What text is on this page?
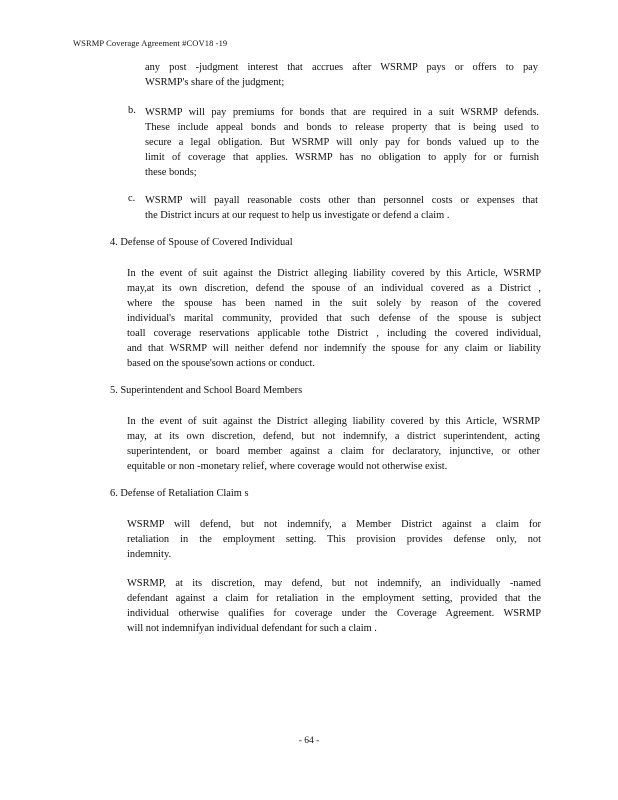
WSRMP Coverage Agreement #COV18 -19
any post -judgment interest that accrues after WSRMP pays or offers to pay
WSRMP's share of the judgment;
b. WSRMP will pay premiums for bonds that are required in a suit WSRMP defends.
These include appeal bonds and bonds to release property that is being used to
secure a legal obligation. But WSRMP will only pay for bonds valued up to the
limit of coverage that applies. WSRMP has no obligation to apply for or furnish
these bonds;
c. WSRMP will payall reasonable costs other than personnel costs or expenses that
the District incurs at our request to help us investigate or defend a claim .
4. Defense of Spouse of Covered Individual
In the event of suit against the District alleging liability covered by this Article, WSRMP
may,at its own discretion, defend the spouse of an individual covered as a District ,
where the spouse has been named in the suit solely by reason of the covered
individual's marital community, provided that such defense of the spouse is subject
toall coverage reservations applicable tothe District , including the covered individual,
and that WSRMP will neither defend nor indemnify the spouse for any claim or liability
based on the spouse'sown actions or conduct.
5. Superintendent and School Board Members
In the event of suit against the District alleging liability covered by this Article, WSRMP
may, at its own discretion, defend, but not indemnify, a district superintendent, acting
superintendent, or board member against a claim for declaratory, injunctive, or other
equitable or non -monetary relief, where coverage would not otherwise exist.
6. Defense of Retaliation Claim s
WSRMP will defend, but not indemnify, a Member District against a claim for
retaliation in the employment setting. This provision provides defense only, not
indemnity.
WSRMP, at its discretion, may defend, but not indemnify, an individually -named
defendant against a claim for retaliation in the employment setting, provided that the
individual otherwise qualifies for coverage under the Coverage Agreement. WSRMP
will not indemnifyan individual defendant for such a claim .
- 64 -
